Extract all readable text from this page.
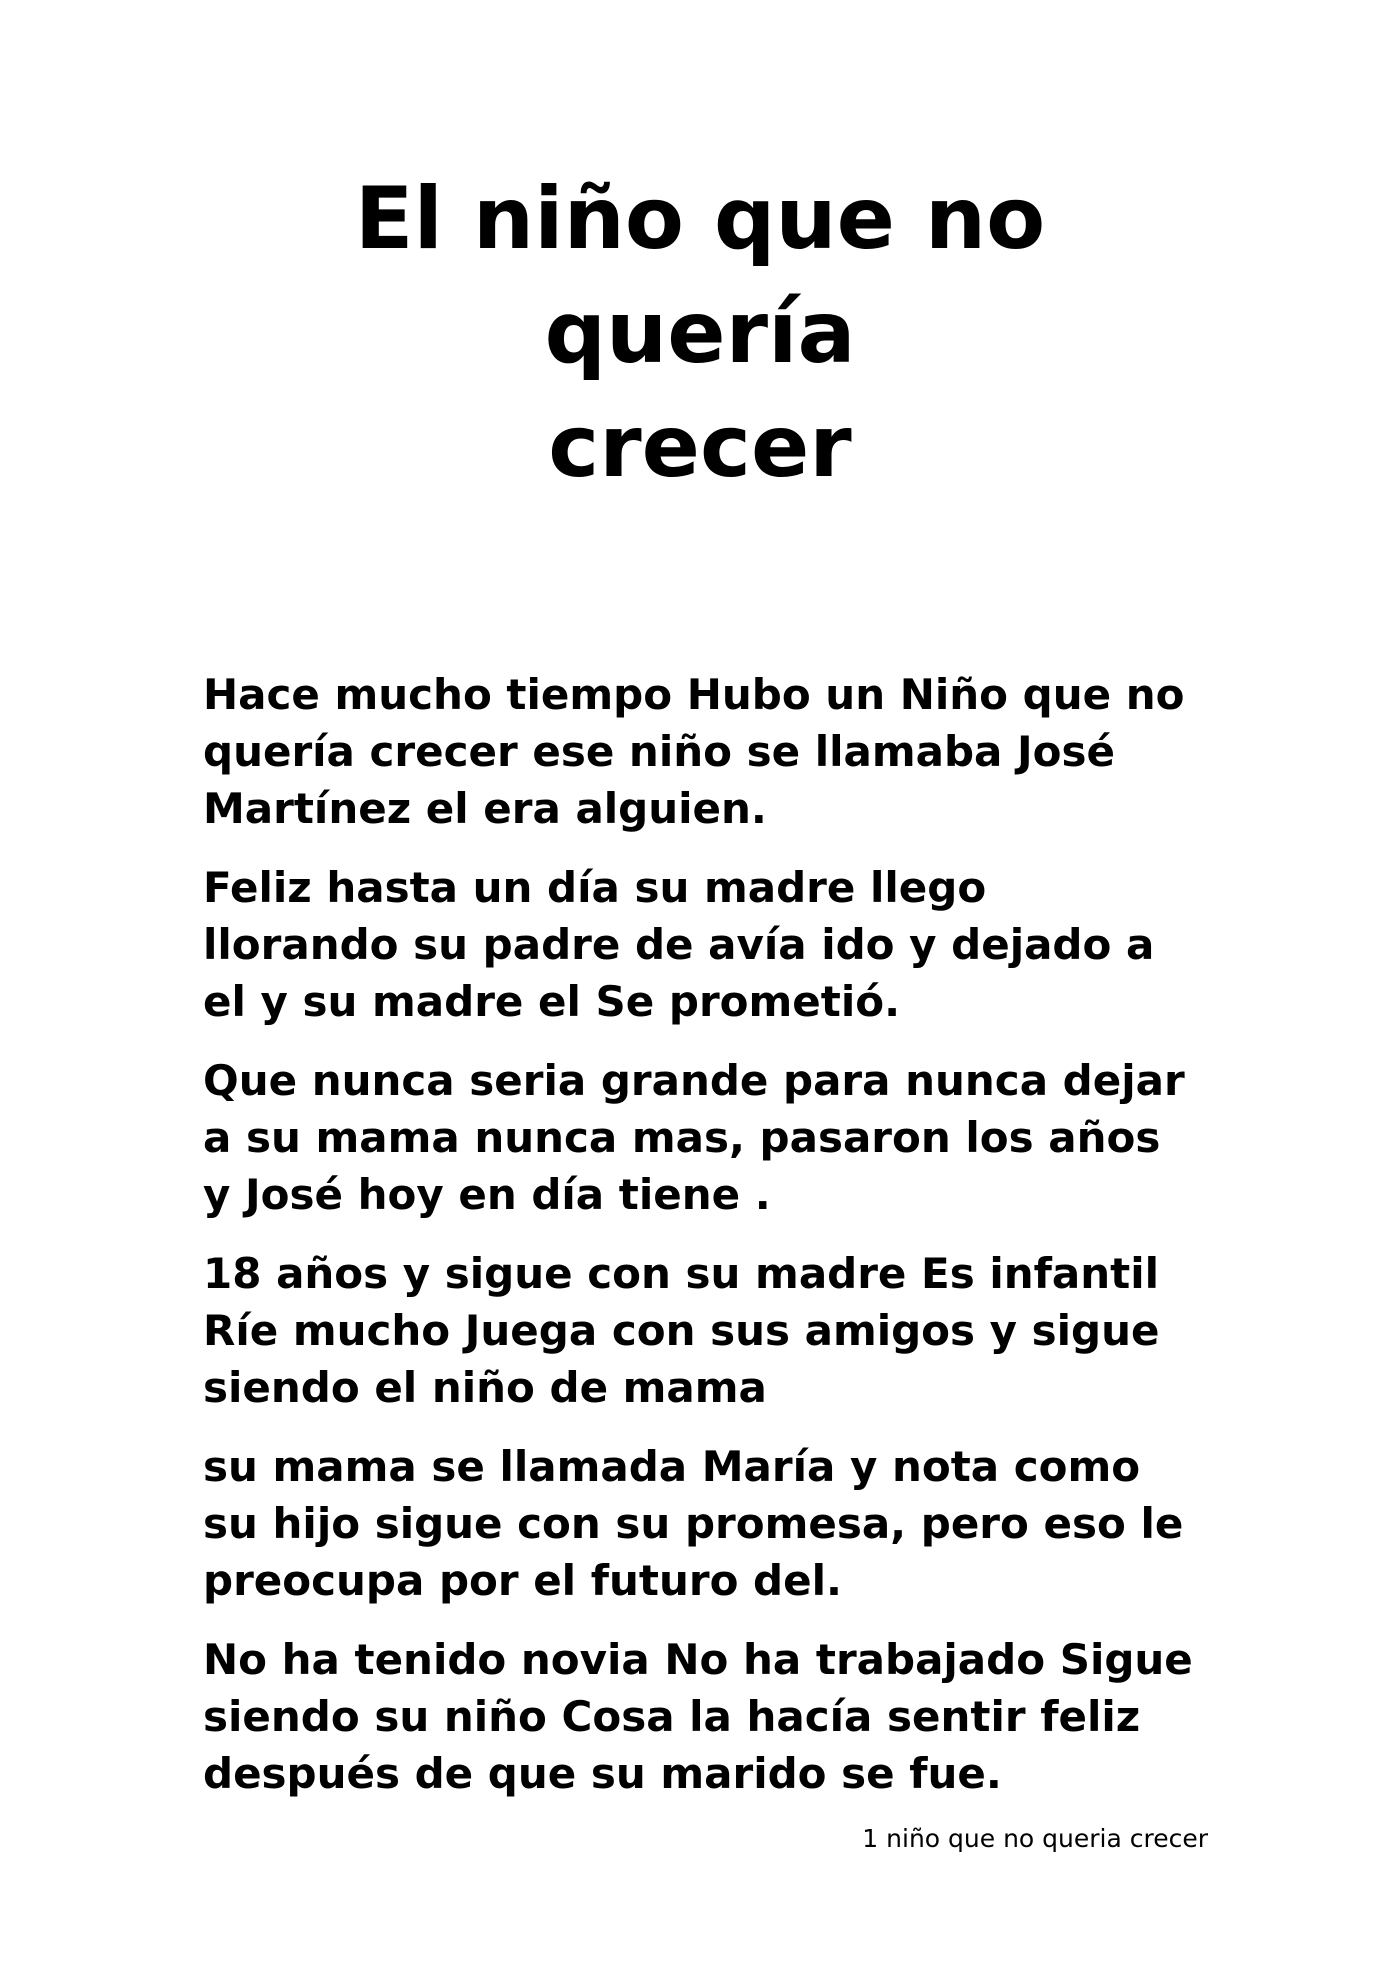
El niño que no
quería
crecer

Hace mucho tiempo Hubo un Niño que no
quería crecer ese niño se llamaba José
Martínez el era alguien.

Feliz hasta un día su madre llego
llorando su padre de avía ido y dejado a
el y su madre el Se prometió.

Que nunca seria grande para nunca dejar
a su mama nunca mas, pasaron los años
y José hoy en día tiene .

18 años y sigue con su madre Es infantil
Ríe mucho Juega con sus amigos y sigue
siendo el niño de mama

su mama se llamada María y nota como
su hijo sigue con su promesa, pero eso le
preocupa por el futuro del.

No ha tenido novia No ha trabajado Sigue
siendo su niño Cosa la hacía sentir feliz
después de que su marido se fue.

1 niño que no queria crecer
